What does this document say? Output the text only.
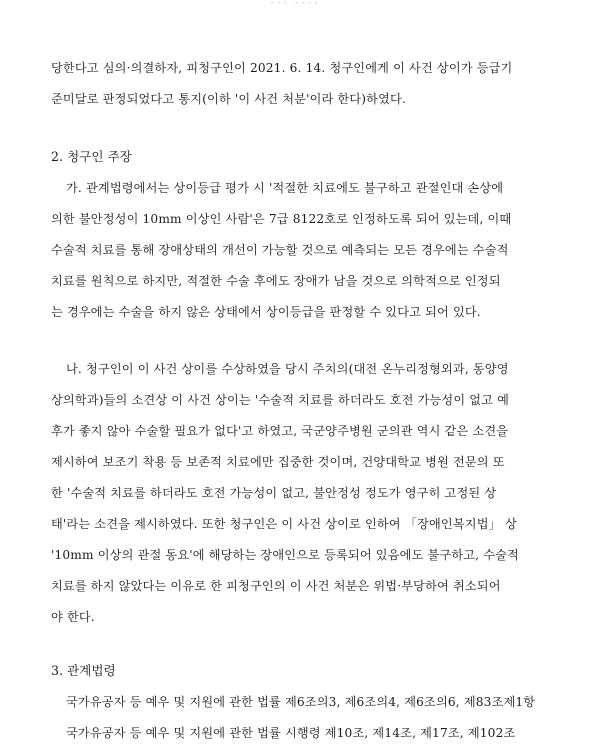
ˆˆˆ ˆˆˆˆ
당한다고 심의·의결하자, 피청구인이 2021. 6. 14. 청구인에게 이 사건 상이가 등급기
준미달로 판정되었다고 통지(이하 '이 사건 처분'이라 한다)하였다.
2. 청구인 주장
가. 관계법령에서는 상이등급 평가 시 '적절한 치료에도 불구하고 관절인대 손상에
의한 불안정성이 10mm 이상인 사람'은 7급 8122호로 인정하도록 되어 있는데, 이때
수술적 치료를 통해 장애상태의 개선이 가능할 것으로 예측되는 모든 경우에는 수술적
치료를 원칙으로 하지만, 적절한 수술 후에도 장애가 남을 것으로 의학적으로 인정되
는 경우에는 수술을 하지 않은 상태에서 상이등급을 판정할 수 있다고 되어 있다.
나. 청구인이 이 사건 상이를 수상하였을 당시 주치의(대전 온누리정형외과, 동양영
상의학과)들의 소견상 이 사건 상이는 '수술적 치료를 하더라도 호전 가능성이 없고 예
후가 좋지 않아 수술할 필요가 없다'고 하였고, 국군양주병원 군의관 역시 같은 소견을
제시하여 보조기 착용 등 보존적 치료에만 집중한 것이며, 건양대학교 병원 전문의 또
한 '수술적 치료를 하더라도 호전 가능성이 없고, 불안정성 정도가 영구히 고정된 상
태'라는 소견을 제시하였다. 또한 청구인은 이 사건 상이로 인하여 「장애인복지법」 상
'10mm 이상의 관절 동요'에 해당하는 장애인으로 등록되어 있음에도 불구하고, 수술적
치료를 하지 않았다는 이유로 한 피청구인의 이 사건 처분은 위법·부당하여 취소되어
야 한다.
3. 관계법령
국가유공자 등 예우 및 지원에 관한 법률 제6조의3, 제6조의4, 제6조의6, 제83조제1항
국가유공자 등 예우 및 지원에 관한 법률 시행령 제10조, 제14조, 제17조, 제102조
